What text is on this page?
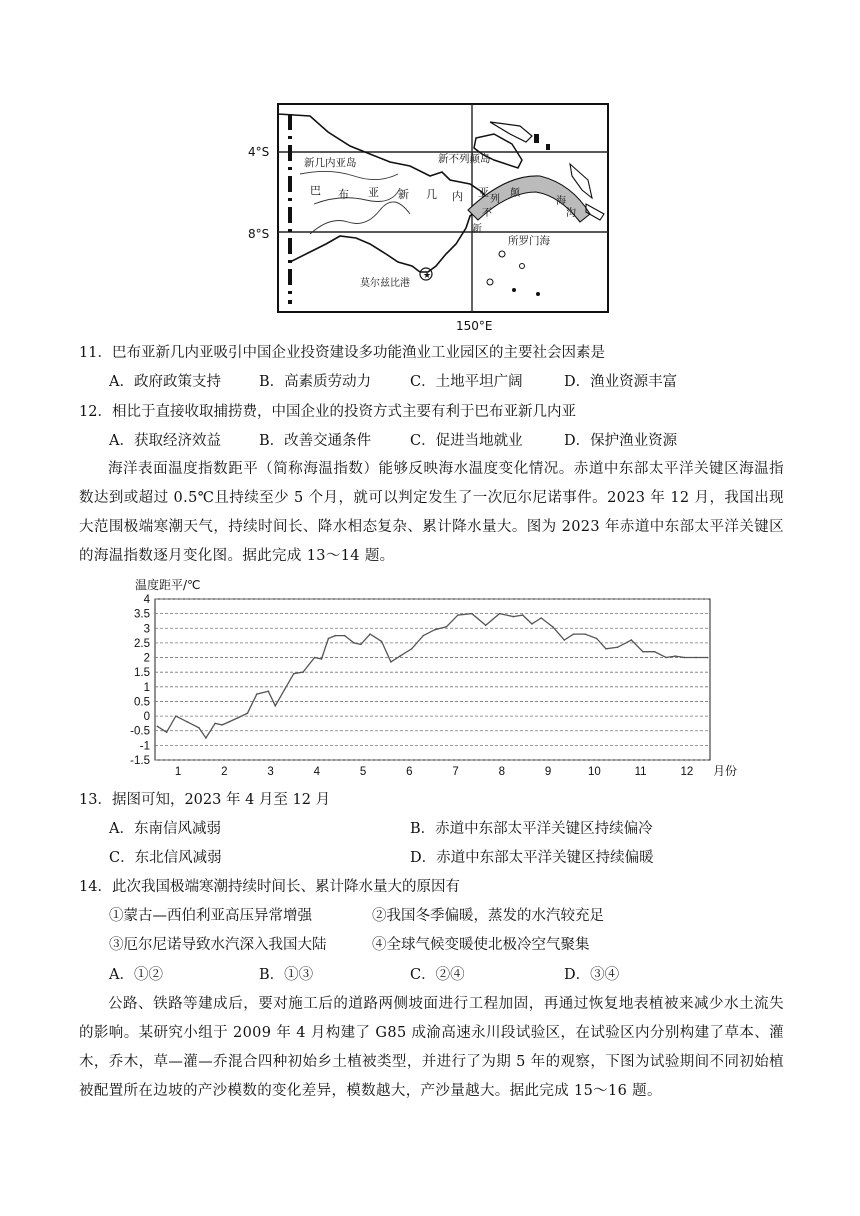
★
4°S
8°S
150°E
新几内亚岛	新不列颠岛
巴 布 亚 新 几 内 亚
新
不
列
颠
海
沟
所罗门海
莫尔兹比港
11．巴布亚新几内亚吸引中国企业投资建设多功能渔业工业园区的主要社会因素是
A．政府政策支持	B．高素质劳动力	C．土地平坦广阔	D．渔业资源丰富
12．相比于直接收取捕捞费，中国企业的投资方式主要有利于巴布亚新几内亚
A．获取经济效益	B．改善交通条件	C．促进当地就业	D．保护渔业资源
海洋表面温度指数距平（简称海温指数）能够反映海水温度变化情况。赤道中东部太平洋关键区海温指数达到或超过 0.5℃且持续至少 5 个月，就可以判定发生了一次厄尔尼诺事件。2023 年 12 月，我国出现大范围极端寒潮天气，持续时间长、降水相态复杂、累计降水量大。图为 2023 年赤道中东部太平洋关键区的海温指数逐月变化图。据此完成 13～14 题。
4
3.5
3
2.5
2
1.5
1
0.5
0
-0.5
-1
-1.5
1	2	3	4	5	6	7	8	9	10	11	12
温度距平/℃
月份
13．据图可知，2023 年 4 月至 12 月
A．东南信风减弱	B．赤道中东部太平洋关键区持续偏冷
C．东北信风减弱	D．赤道中东部太平洋关键区持续偏暖
14．此次我国极端寒潮持续时间长、累计降水量大的原因有
①蒙古—西伯利亚高压异常增强	②我国冬季偏暖，蒸发的水汽较充足
③厄尔尼诺导致水汽深入我国大陆	④全球气候变暖使北极冷空气聚集
A．①②	B．①③	C．②④	D．③④
公路、铁路等建成后，要对施工后的道路两侧坡面进行工程加固，再通过恢复地表植被来减少水土流失的影响。某研究小组于 2009 年 4 月构建了 G85 成渝高速永川段试验区，在试验区内分别构建了草本、灌木，乔木，草—灌—乔混合四种初始乡土植被类型，并进行了为期 5 年的观察，下图为试验期间不同初始植被配置所在边坡的产沙模数的变化差异，模数越大，产沙量越大。据此完成 15～16 题。
